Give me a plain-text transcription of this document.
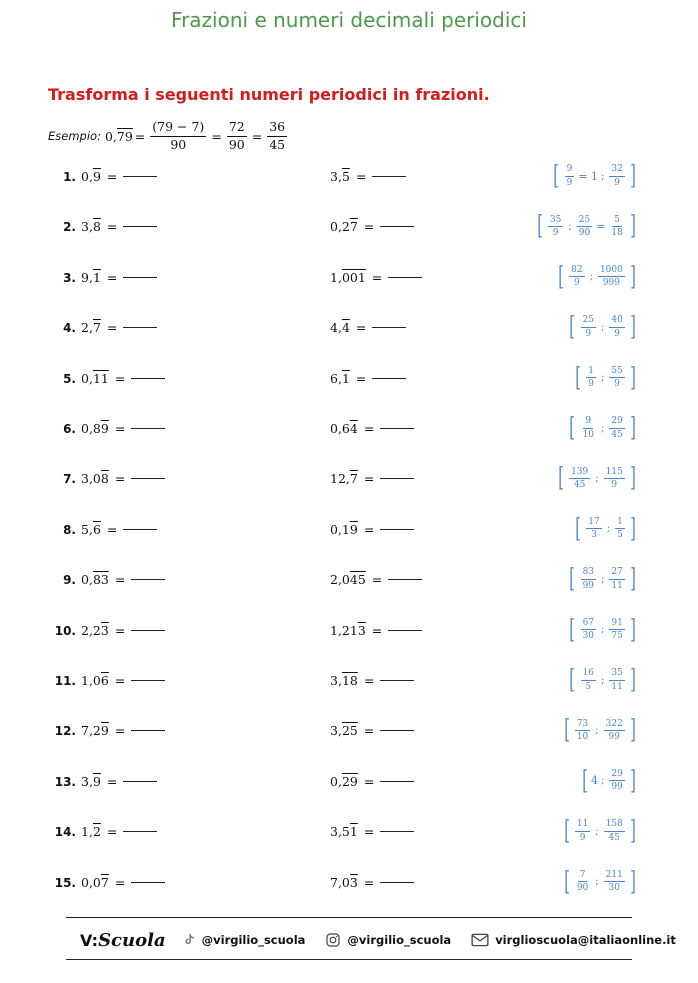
Frazioni e numeri decimali periodici
Trasforma i seguenti numeri periodici in frazioni.
Esempio: $0,79 = \frac{(79 - 7)}{90} = \frac{72}{90} = \frac{36}{45}$
1. 0,9 =	3,5 =	[ $\frac{9}{9} = 1$ ; $\frac{32}{9}$ ]
2. 3,8 =	0,27 =	[ $\frac{35}{9}$ ; $\frac{25}{90} = \frac{5}{18}$ ]
3. 9,1 =	1,001 =	[ $\frac{82}{9}$ ; $\frac{1000}{999}$ ]
4. 2,7 =	4,4 =	[ $\frac{25}{9}$ ; $\frac{40}{9}$ ]
5. 0,11 =	6,1 =	[ $\frac{1}{9}$ ; $\frac{55}{9}$ ]
6. 0,89 =	0,64 =	[ $\frac{9}{10}$ ; $\frac{29}{45}$ ]
7. 3,08 =	12,7 =	[ $\frac{139}{45}$ ; $\frac{115}{9}$ ]
8. 5,6 =	0,19 =	[ $\frac{17}{3}$ ; $\frac{1}{5}$ ]
9. 0,83 =	2,045 =	[ $\frac{83}{99}$ ; $\frac{27}{11}$ ]
10. 2,23 =	1,213 =	[ $\frac{67}{30}$ ; $\frac{91}{75}$ ]
11. 1,06 =	3,18 =	[ $\frac{16}{5}$ ; $\frac{35}{11}$ ]
12. 7,29 =	3,25 =	[ $\frac{73}{10}$ ; $\frac{322}{99}$ ]
13. 3,9 =	0,29 =	[ 4 ; $\frac{29}{99}$ ]
14. 1,2 =	3,51 =	[ $\frac{11}{9}$ ; $\frac{158}{45}$ ]
15. 0,07 =	7,03 =	[ $\frac{7}{90}$ ; $\frac{211}{30}$ ]
V:Scuola	@virgilio_scuola	@virgilio_scuola	virglioscuola@italiaonline.it
